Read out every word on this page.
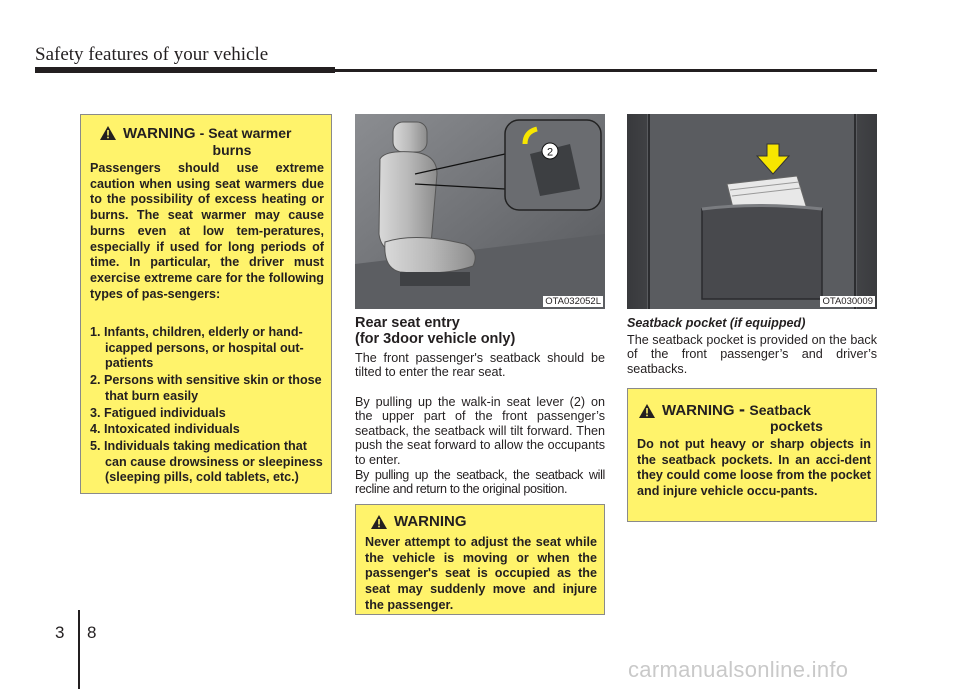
Safety features of your vehicle
WARNING - Seat warmer
burns
Passengers should use extreme caution when using seat warmers due to the possibility of excess heating or burns. The seat warmer may cause burns even at low tem-peratures, especially if used for long periods of time. In particular, the driver must exercise extreme care for the following types of pas-sengers:
1. Infants, children, elderly or hand-icapped persons, or hospital out-patients
2. Persons with sensitive skin or those that burn easily
3. Fatigued individuals
4. Intoxicated individuals
5. Individuals taking medication that can cause drowsiness or sleepiness (sleeping pills, cold tablets, etc.)
2
OTA032052L
Rear seat entry
(for 3door vehicle only)
The front passenger's seatback should be tilted to enter the rear seat.
By pulling up the walk-in seat lever (2) on the upper part of the front passenger’s seatback, the seatback will tilt forward. Then push the seat forward to allow the occupants to enter.
By pulling up the seatback, the seatback will recline and return to the original position.
WARNING
Never attempt to adjust the seat while the vehicle is moving or when the passenger's seat is occupied as the seat may suddenly move and injure the passenger.
OTA030009
Seatback pocket (if equipped)
The seatback pocket is provided on the back of the front passenger’s and driver’s seatbacks.
WARNING - Seatback
pockets
Do not put heavy or sharp objects in the seatback pockets. In an acci-dent they could come loose from the pocket and injure vehicle occu-pants.
3 8
carmanualsonline.info
